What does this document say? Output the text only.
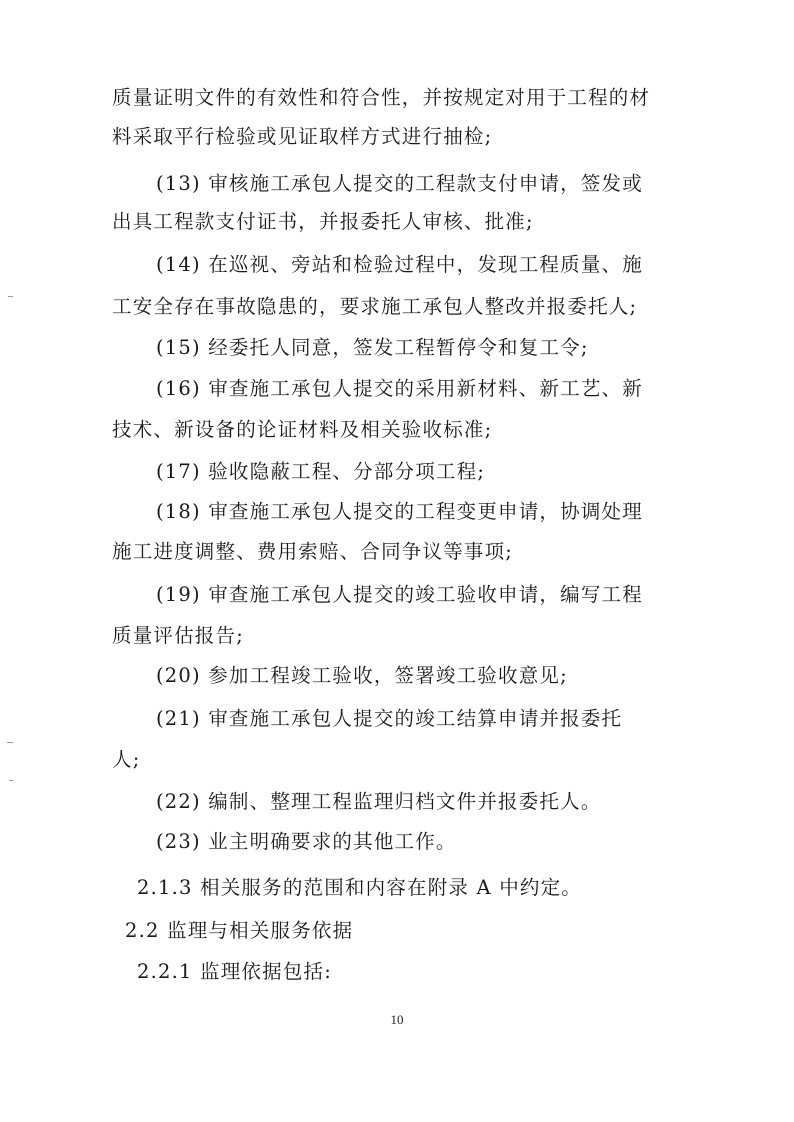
质量证明文件的有效性和符合性，并按规定对用于工程的材
料采取平行检验或见证取样方式进行抽检;
(13) 审核施工承包人提交的工程款支付申请，签发或
出具工程款支付证书，并报委托人审核、批准;
(14) 在巡视、旁站和检验过程中，发现工程质量、施
工安全存在事故隐患的，要求施工承包人整改并报委托人;
(15) 经委托人同意，签发工程暂停令和复工令;
(16) 审查施工承包人提交的采用新材料、新工艺、新
技术、新设备的论证材料及相关验收标准;
(17) 验收隐蔽工程、分部分项工程;
(18) 审查施工承包人提交的工程变更申请，协调处理
施工进度调整、费用索赔、合同争议等事项;
(19) 审查施工承包人提交的竣工验收申请，编写工程
质量评估报告;
(20) 参加工程竣工验收，签署竣工验收意见;
(21) 审查施工承包人提交的竣工结算申请并报委托
人;
(22) 编制、整理工程监理归档文件并报委托人。
(23) 业主明确要求的其他工作。
2.1.3 相关服务的范围和内容在附录 A 中约定。
2.2 监理与相关服务依据
2.2.1 监理依据包括:
10
